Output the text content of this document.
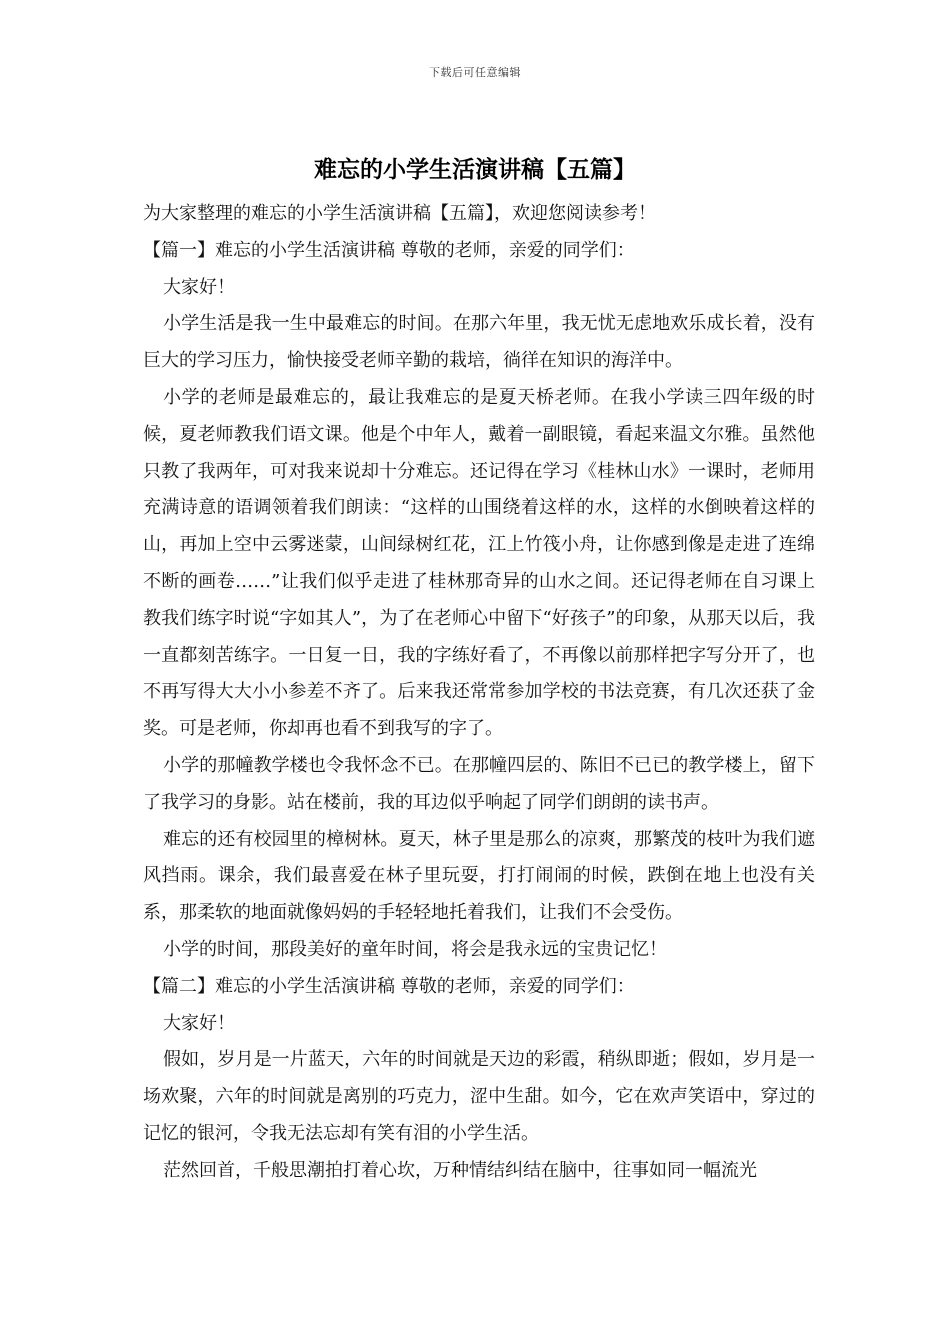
下载后可任意编辑
难忘的小学生活演讲稿【五篇】

为大家整理的难忘的小学生活演讲稿【五篇】，欢迎您阅读参考！

【篇一】难忘的小学生活演讲稿 尊敬的老师，亲爱的同学们：

大家好！

小学生活是我一生中最难忘的时间。在那六年里，我无忧无虑地欢乐成长着，没有巨大的学习压力，愉快接受老师辛勤的栽培，徜徉在知识的海洋中。

小学的老师是最难忘的，最让我难忘的是夏天桥老师。在我小学读三四年级的时候，夏老师教我们语文课。他是个中年人，戴着一副眼镜，看起来温文尔雅。虽然他只教了我两年，可对我来说却十分难忘。还记得在学习《桂林山水》一课时，老师用充满诗意的语调领着我们朗读：“这样的山围绕着这样的水，这样的水倒映着这样的山，再加上空中云雾迷蒙，山间绿树红花，江上竹筏小舟，让你感到像是走进了连绵不断的画卷……”让我们似乎走进了桂林那奇异的山水之间。还记得老师在自习课上教我们练字时说“字如其人”，为了在老师心中留下“好孩子”的印象，从那天以后，我一直都刻苦练字。一日复一日，我的字练好看了，不再像以前那样把字写分开了，也不再写得大大小小参差不齐了。后来我还常常参加学校的书法竞赛，有几次还获了金奖。可是老师，你却再也看不到我写的字了。

小学的那幢教学楼也令我怀念不已。在那幢四层的、陈旧不已已的教学楼上，留下了我学习的身影。站在楼前，我的耳边似乎响起了同学们朗朗的读书声。

难忘的还有校园里的樟树林。夏天，林子里是那么的凉爽，那繁茂的枝叶为我们遮风挡雨。课余，我们最喜爱在林子里玩耍，打打闹闹的时候，跌倒在地上也没有关系，那柔软的地面就像妈妈的手轻轻地托着我们，让我们不会受伤。

小学的时间，那段美好的童年时间，将会是我永远的宝贵记忆！

【篇二】难忘的小学生活演讲稿 尊敬的老师，亲爱的同学们：

大家好！

假如，岁月是一片蓝天，六年的时间就是天边的彩霞，稍纵即逝；假如，岁月是一场欢聚，六年的时间就是离别的巧克力，涩中生甜。如今，它在欢声笑语中，穿过的记忆的银河，令我无法忘却有笑有泪的小学生活。

茫然回首，千般思潮拍打着心坎，万种情结纠结在脑中，往事如同一幅流光
